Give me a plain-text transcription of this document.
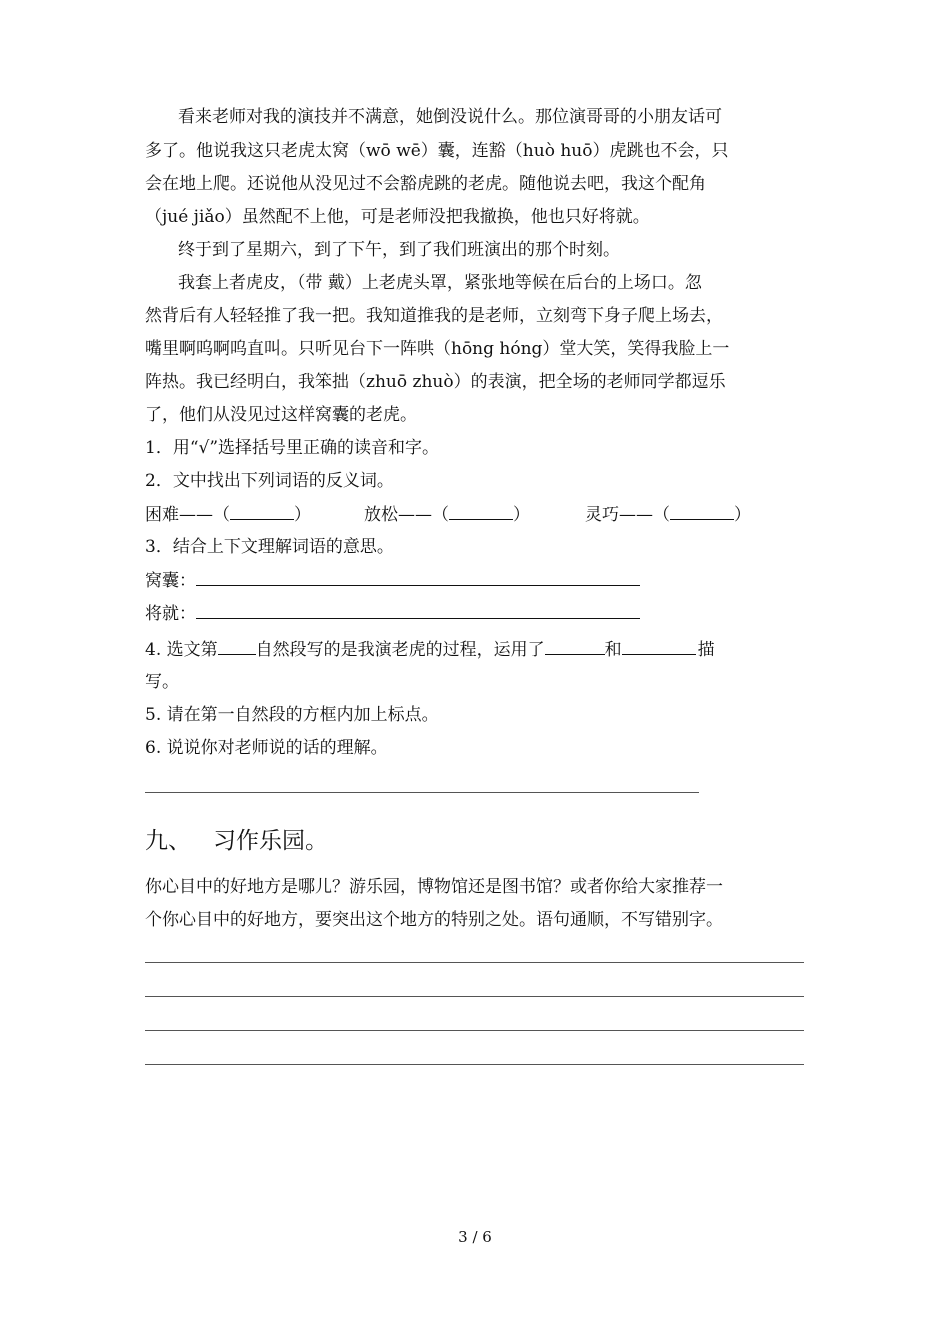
看来老师对我的演技并不满意，她倒没说什么。那位演哥哥的小朋友话可
多了。他说我这只老虎太窝（wō wē）囊，连豁（huò huō）虎跳也不会，只
会在地上爬。还说他从没见过不会豁虎跳的老虎。随他说去吧，我这个配角
（jué jiǎo）虽然配不上他，可是老师没把我撤换，他也只好将就。
终于到了星期六，到了下午，到了我们班演出的那个时刻。
我套上者虎皮，（带 戴）上老虎头罩，紧张地等候在后台的上场口。忽
然背后有人轻轻推了我一把。我知道推我的是老师，立刻弯下身子爬上场去，
嘴里啊呜啊呜直叫。只听见台下一阵哄（hōng hóng）堂大笑，笑得我脸上一
阵热。我已经明白，我笨拙（zhuō zhuò）的表演，把全场的老师同学都逗乐
了，他们从没见过这样窝囊的老虎。
1．用“√”选择括号里正确的读音和字。
2．文中找出下列词语的反义词。
困难——（	）	放松——（	）	灵巧——（	）
3．结合上下文理解词语的意思。
窝囊：
将就：
4. 选文第 自然段写的是我演老虎的过程，运用了	和	描
写。
5. 请在第一自然段的方框内加上标点。
6. 说说你对老师说的话的理解。
九、 习作乐园。
你心目中的好地方是哪儿？游乐园，博物馆还是图书馆？或者你给大家推荐一
个你心目中的好地方，要突出这个地方的特别之处。语句通顺，不写错别字。
3 / 6
